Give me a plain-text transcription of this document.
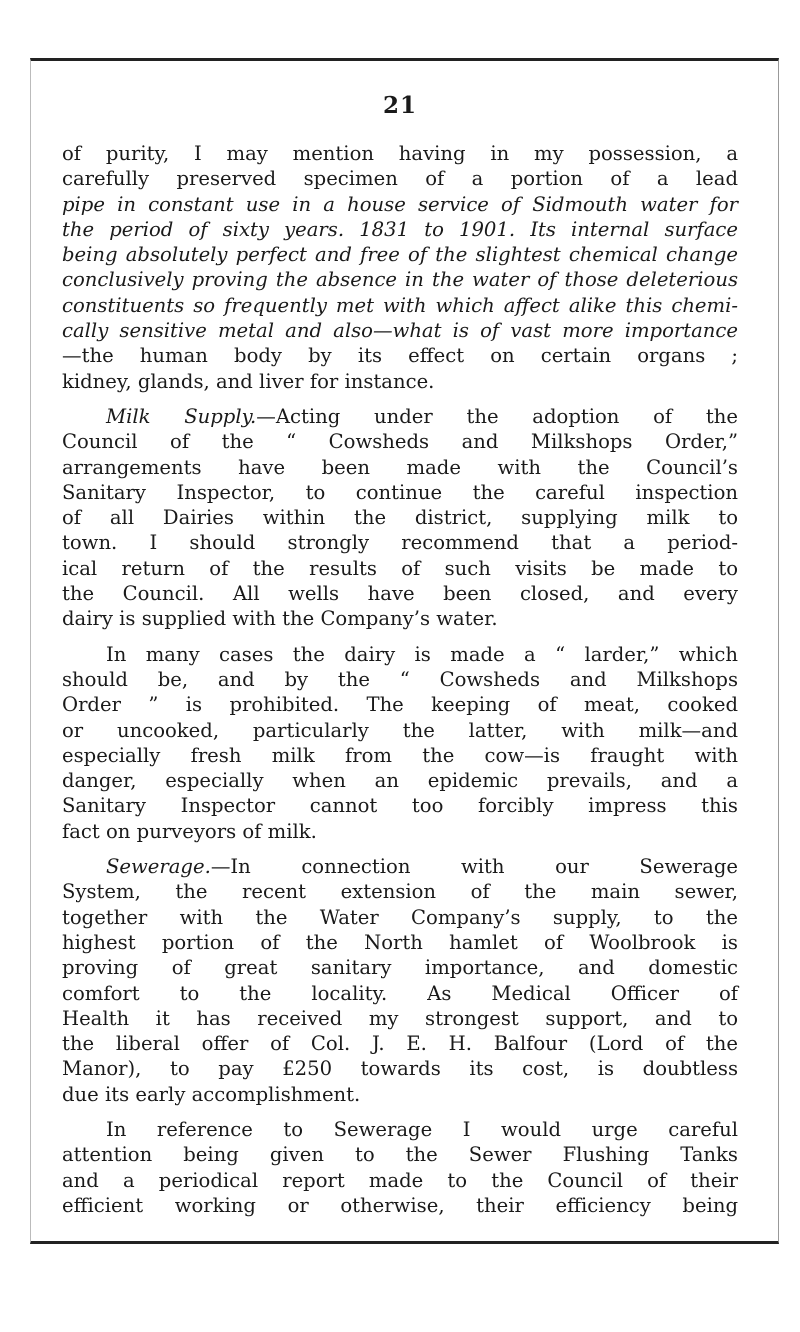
21

of purity, I may mention having in my possession, a
carefully preserved specimen of a portion of a lead
pipe in constant use in a house service of Sidmouth water for
the period of sixty years. 1831 to 1901. Its internal surface
being absolutely perfect and free of the slightest chemical change
conclusively proving the absence in the water of those deleterious
constituents so frequently met with which affect alike this chemi-
cally sensitive metal and also—what is of vast more importance
—the human body by its effect on certain organs ;
kidney, glands, and liver for instance.

Milk Supply.—Acting under the adoption of the
Council of the “ Cowsheds and Milkshops Order,”
arrangements have been made with the Council’s
Sanitary Inspector, to continue the careful inspection
of all Dairies within the district, supplying milk to
town. I should strongly recommend that a period-
ical return of the results of such visits be made to
the Council. All wells have been closed, and every
dairy is supplied with the Company’s water.

In many cases the dairy is made a “ larder,” which
should be, and by the “ Cowsheds and Milkshops
Order ” is prohibited. The keeping of meat, cooked
or uncooked, particularly the latter, with milk—and
especially fresh milk from the cow—is fraught with
danger, especially when an epidemic prevails, and a
Sanitary Inspector cannot too forcibly impress this
fact on purveyors of milk.

Sewerage.—In connection with our Sewerage
System, the recent extension of the main sewer,
together with the Water Company’s supply, to the
highest portion of the North hamlet of Woolbrook is
proving of great sanitary importance, and domestic
comfort to the locality. As Medical Officer of
Health it has received my strongest support, and to
the liberal offer of Col. J. E. H. Balfour (Lord of the
Manor), to pay £250 towards its cost, is doubtless
due its early accomplishment.

In reference to Sewerage I would urge careful
attention being given to the Sewer Flushing Tanks
and a periodical report made to the Council of their
efficient working or otherwise, their efficiency being
